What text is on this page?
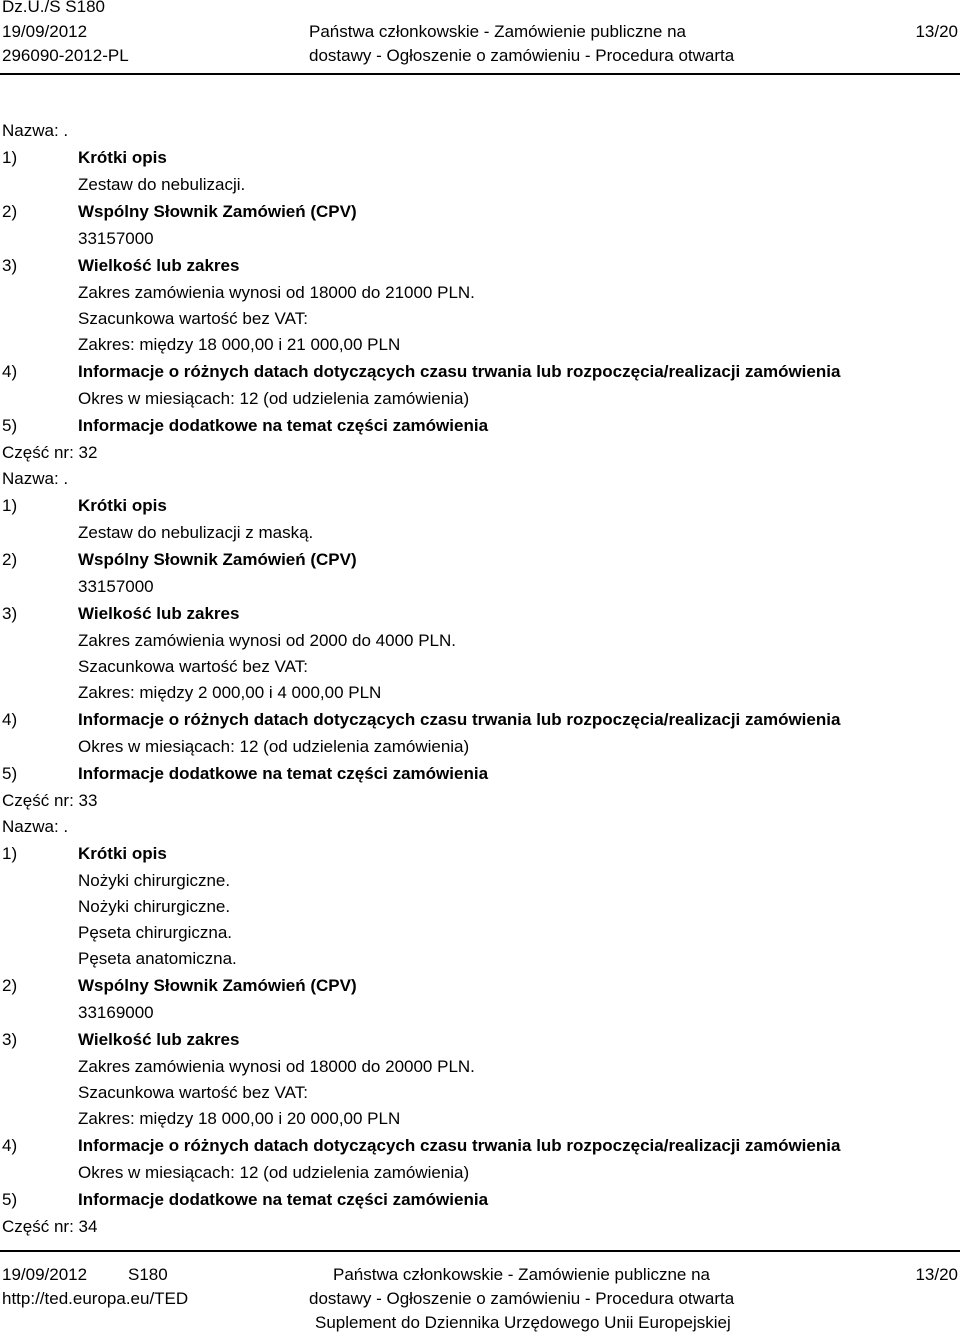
Dz.U./S S180
19/09/2012
296090-2012-PL
Państwa członkowskie - Zamówienie publiczne na
dostawy - Ogłoszenie o zamówieniu - Procedura otwarta
13/20
Nazwa: .
1)	Krótki opis
Zestaw do nebulizacji.
2)	Wspólny Słownik Zamówień (CPV)
33157000
3)	Wielkość lub zakres
Zakres zamówienia wynosi od 18000 do 21000 PLN.
Szacunkowa wartość bez VAT:
Zakres: między 18 000,00 i 21 000,00 PLN
4)	Informacje o różnych datach dotyczących czasu trwania lub rozpoczęcia/realizacji zamówienia
Okres w miesiącach: 12 (od udzielenia zamówienia)
5)	Informacje dodatkowe na temat części zamówienia
Część nr: 32
Nazwa: .
1)	Krótki opis
Zestaw do nebulizacji z maską.
2)	Wspólny Słownik Zamówień (CPV)
33157000
3)	Wielkość lub zakres
Zakres zamówienia wynosi od 2000 do 4000 PLN.
Szacunkowa wartość bez VAT:
Zakres: między 2 000,00 i 4 000,00 PLN
4)	Informacje o różnych datach dotyczących czasu trwania lub rozpoczęcia/realizacji zamówienia
Okres w miesiącach: 12 (od udzielenia zamówienia)
5)	Informacje dodatkowe na temat części zamówienia
Część nr: 33
Nazwa: .
1)	Krótki opis
Nożyki chirurgiczne.
Nożyki chirurgiczne.
Pęseta chirurgiczna.
Pęseta anatomiczna.
2)	Wspólny Słownik Zamówień (CPV)
33169000
3)	Wielkość lub zakres
Zakres zamówienia wynosi od 18000 do 20000 PLN.
Szacunkowa wartość bez VAT:
Zakres: między 18 000,00 i 20 000,00 PLN
4)	Informacje o różnych datach dotyczących czasu trwania lub rozpoczęcia/realizacji zamówienia
Okres w miesiącach: 12 (od udzielenia zamówienia)
5)	Informacje dodatkowe na temat części zamówienia
Część nr: 34
19/09/2012 S180
http://ted.europa.eu/TED
Państwa członkowskie - Zamówienie publiczne na
dostawy - Ogłoszenie o zamówieniu - Procedura otwarta
Suplement do Dziennika Urzędowego Unii Europejskiej
13/20
